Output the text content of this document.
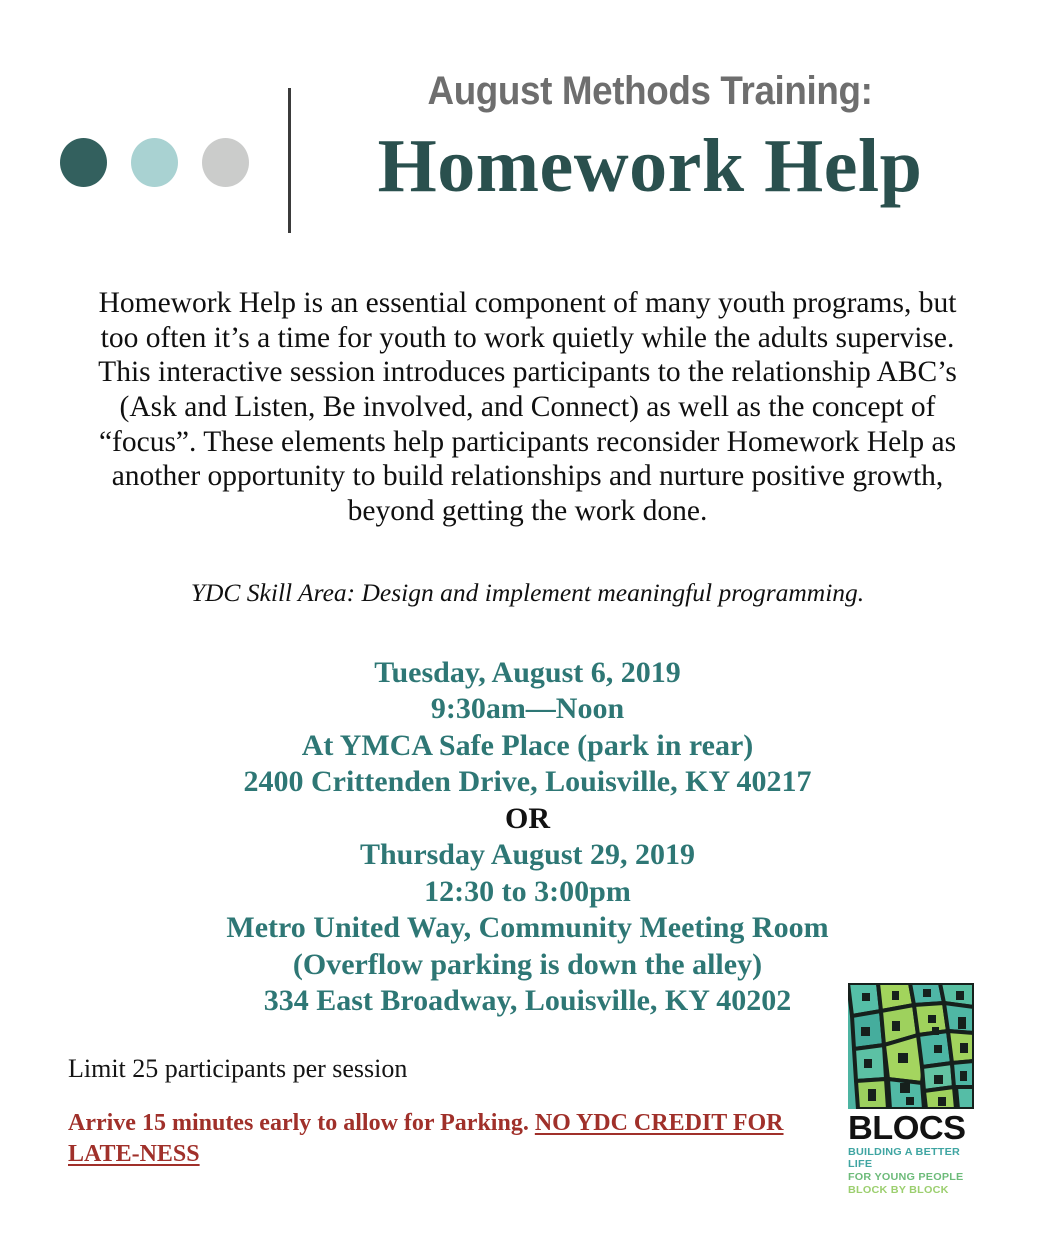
August Methods Training:
Homework Help
Homework Help is an essential component of many youth programs, but too often it’s a time for youth to work quietly while the adults supervise. This interactive session introduces participants to the relationship ABC’s (Ask and Listen, Be involved, and Connect) as well as the concept of “focus”. These elements help participants reconsider Homework Help as another opportunity to build relationships and nurture positive growth, beyond getting the work done.
YDC Skill Area: Design and implement meaningful programming.
Tuesday, August 6, 2019
9:30am—Noon
At YMCA Safe Place (park in rear)
2400 Crittenden Drive, Louisville, KY 40217
OR
Thursday August 29, 2019
12:30 to 3:00pm
Metro United Way, Community Meeting Room
(Overflow parking is down the alley)
334 East Broadway, Louisville, KY 40202
Limit 25 participants per session
Arrive 15 minutes early to allow for Parking. NO YDC CREDIT FOR LATE-NESS
BLOCS
BUILDING A BETTER LIFE
FOR YOUNG PEOPLE
BLOCK BY BLOCK
